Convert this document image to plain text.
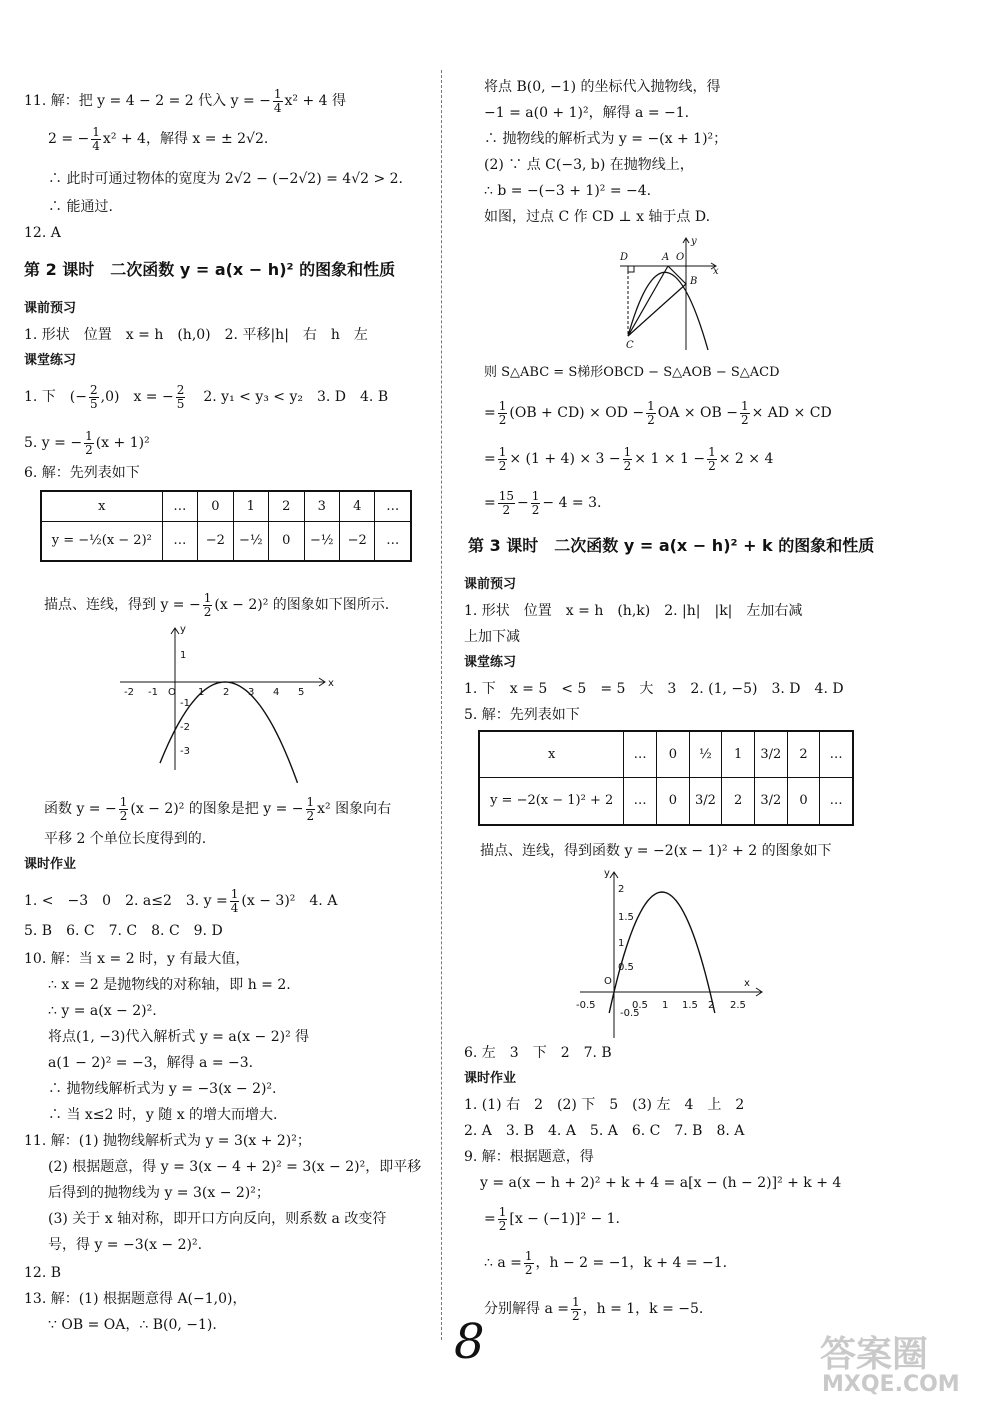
11. 解：把 y = 4 − 2 = 2 代入 y = − $\frac{1}{4} x^2 + 4$ 得
2 = − $\frac{1}{4} x^2 + 4$，解得 x = ± 2√2.
∴ 此时可通过物体的宽度为 2√2 − (−2√2) = 4√2 > 2.
∴ 能通过.
12. A
第 2 课时　二次函数 y = a(x − h)² 的图象和性质
课前预习
1. 形状　位置　x = h　(h,0)　2. 平移|h|　右　h　左
课堂练习
1. 下　(− $\frac{2}{5} ,0$)　x = − $\frac{2}{5} 2$. y₁ < y₃ < y₂　3. D　4. B
5. y = − $\frac{1}{2} (x + 1)^2$
6. 解：先列表如下
x	…	0	1	2	3	4	…
y = −½(x − 2)²	…	−2	−½	0	−½	−2	…
描点、连线，得到 y = − $\frac{1}{2} (x - 2)^2$ 的图象如下图所示.
x
y
-2 -1 O 1 2 3 4 5
1
-1
-2
-3
函数 y = − $\frac{1}{2} (x - 2)^2$ 的图象是把 y = − $\frac{1}{2} x^2$ 图象向右
平移 2 个单位长度得到的.
课时作业
1. <　−3　0　2. a≤2　3. $y = \frac{1}{4} (x - 3)^2$　4. A
5. B　6. C　7. C　8. C　9. D
10. 解：当 x = 2 时，y 有最大值，
∴ x = 2 是抛物线的对称轴，即 h = 2.
∴ y = a(x − 2)².
将点(1, −3)代入解析式 y = a(x − 2)² 得
a(1 − 2)² = −3，解得 a = −3.
∴ 抛物线解析式为 y = −3(x − 2)².
∴ 当 x≤2 时，y 随 x 的增大而增大.
11. 解：(1) 抛物线解析式为 y = 3(x + 2)²；
(2) 根据题意，得 y = 3(x − 4 + 2)² = 3(x − 2)²，即平移
后得到的抛物线为 y = 3(x − 2)²；
(3) 关于 x 轴对称，即开口方向反向，则系数 a 改变符
号，得 y = −3(x − 2)².
12. B
13. 解：(1) 根据题意得 A(−1,0)，
∵ OB = OA，∴ B(0, −1).
将点 B(0, −1) 的坐标代入抛物线，得
−1 = a(0 + 1)²，解得 a = −1.
∴ 抛物线的解析式为 y = −(x + 1)²；
(2) ∵ 点 C(−3, b) 在抛物线上，
∴ b = −(−3 + 1)² = −4.
如图，过点 C 作 CD ⊥ x 轴于点 D.
D	A O
B
C
x
y
则 S△ABC = S梯形OBCD − S△AOB − S△ACD
= $\frac{1}{2} (OB + CD)$ × OD − $\frac{1}{2}$ OA × OB − $\frac{1}{2}$ × AD × CD
= $\frac{1}{2} \times (1 + 4) \times 3 - \frac{1}{2} \times 1 \times 1 - \frac{1}{2} \times 2 \times 4$
= $\frac{15}{2} - \frac{1}{2} - 4 = 3$.
第 3 课时　二次函数 y = a(x − h)² + k 的图象和性质
课前预习
1. 形状　位置　x = h　(h,k)　2. |h|　|k|　左加右减
上加下减
课堂练习
1. 下　x = 5　< 5　= 5　大　3　2. (1, −5)　3. D　4. D
5. 解：先列表如下
x	…	0	½	1	3/2	2	…
y = −2(x − 1)² + 2	…	0	3/2	2	3/2	0	…
描点、连线，得到函数 y = −2(x − 1)² + 2 的图象如下
x
y
-0.5
O
0.5 1 1.5 2 2.5
2
1.5
1
0.5
-0.5
6. 左　3　下　2　7. B
课时作业
1. (1) 右　2　(2) 下　5　(3) 左　4　上　2
2. A　3. B　4. A　5. A　6. C　7. B　8. A
9. 解：根据题意，得
y = a(x − h + 2)² + k + 4 = a[x − (h − 2)]² + k + 4
= $\frac{1}{2} [x - (-1)]^2 - 1$.
∴ $a = \frac{1}{2}$ ，h − 2 = −1，k + 4 = −1.
分别解得 $a = \frac{1}{2}$ ，h = 1，k = −5.
8	答案圈
MXQE.COM
